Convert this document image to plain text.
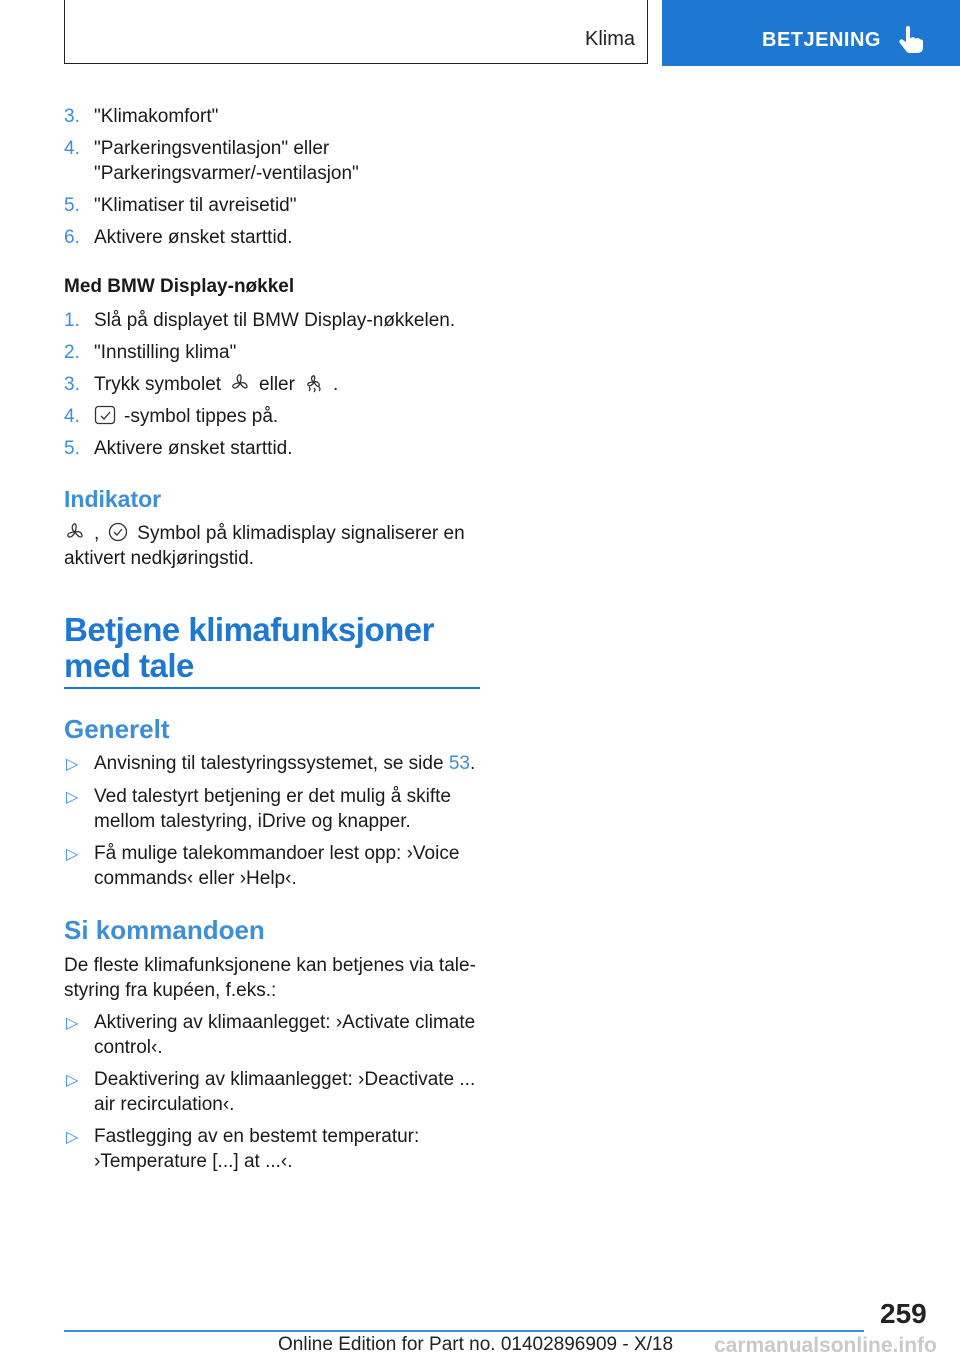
Klima	BETJENING
3. "Klimakomfort"
4. "Parkeringsventilasjon" eller
"Parkeringsvarmer/-ventilasjon"
5. "Klimatiser til avreisetid"
6. Aktivere ønsket starttid.
Med BMW Display-nøkkel
1. Slå på displayet til BMW Display-nøkkelen.
2. "Innstilling klima"
3. Trykk symbolet eller .
4.	-symbol tippes på.
5. Aktivere ønsket starttid.
Indikator
, Symbol på klimadisplay signaliserer en
aktivert nedkjøringstid.
Betjene klimafunksjoner
med tale
Generelt
▷ Anvisning til talestyringssystemet, se side 53.
▷ Ved talestyrt betjening er det mulig å skifte
mellom talestyring, iDrive og knapper.
▷ Få mulige talekommandoer lest opp: ›Voice
commands‹ eller ›Help‹.
Si kommandoen
De fleste klimafunksjonene kan betjenes via tale-
styring fra kupéen, f.eks.:
▷ Aktivering av klimaanlegget: ›Activate climate
control‹.
▷ Deaktivering av klimaanlegget: ›Deactivate ...
air recirculation‹.
▷ Fastlegging av en bestemt temperatur:
›Temperature [...] at ...‹.
259
Online Edition for Part no. 01402896909 - X/18 carmanualsonline.info
